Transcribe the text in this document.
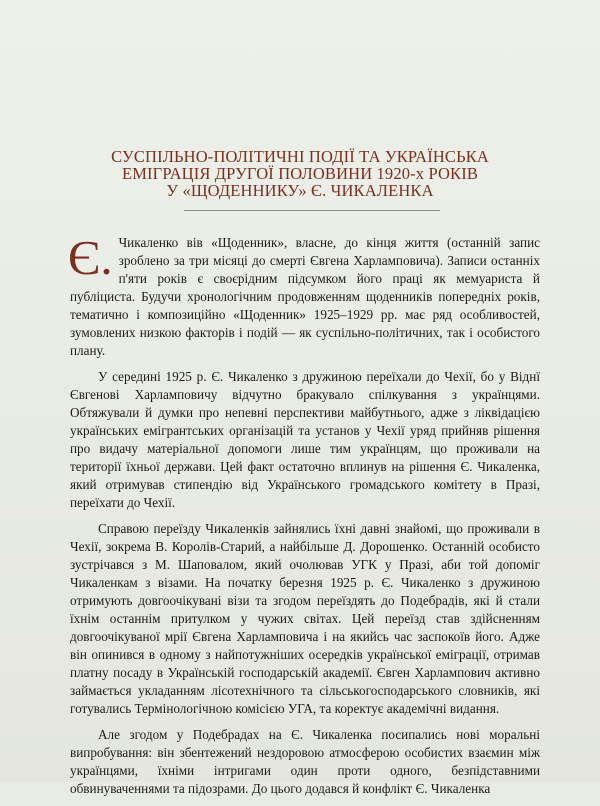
СУСПІЛЬНО-ПОЛІТИЧНІ ПОДІЇ ТА УКРАЇНСЬКА
ЕМІГРАЦІЯ ДРУГОЇ ПОЛОВИНИ 1920-х РОКІВ
У «ЩОДЕННИКУ» Є. ЧИКАЛЕНКА

Є. Чикаленко вів «Щоденник», власне, до кінця життя (останній запис зроблено за три місяці до смерті Євгена Харламповича). Записи останніх п'яти років є своєрідним підсумком його праці як мемуариста й публіциста. Будучи хронологічним продовженням щоденників попередніх років, тематично і композиційно «Щоденник» 1925–1929 рр. має ряд особливостей, зумовлених низкою факторів і подій — як суспільно-політичних, так і особистого плану.

У середині 1925 р. Є. Чикаленко з дружиною переїхали до Чехії, бо у Віднї Євгенові Харламповичу відчутно бракувало спілкування з українцями. Обтяжували й думки про непевні перспективи майбутнього, адже з ліквідацією українських емігрантських організацій та установ у Чехії уряд прийняв рішення про видачу матеріальної допомоги лише тим українцям, що проживали на території їхньої держави. Цей факт остаточно вплинув на рішення Є. Чикаленка, який отримував стипендію від Українського громадського комітету в Празі, переїхати до Чехії.

Справою переїзду Чикаленків зайнялись їхні давні знайомі, що проживали в Чехії, зокрема В. Королів-Старий, а найбільше Д. Дорошенко. Останній особисто зустрічався з М. Шаповалом, який очолював УГК у Празі, аби той допоміг Чикаленкам з візами. На початку березня 1925 р. Є. Чикаленко з дружиною отримують довгоочікувані візи та згодом переїздять до Подебрадів, які й стали їхнім останнім притулком у чужих світах. Цей переїзд став здійсненням довгоочікуваної мрії Євгена Харламповича і на якийсь час заспокоїв його. Адже він опинився в одному з найпотужніших осередків української еміграції, отримав платну посаду в Українській господарській академії. Євген Харлампович активно займається укладанням лісотехнічного та сільськогосподарського словників, які готувались Термінологічною комісією УГА, та коректує академічні видання.

Але згодом у Подебрадах на Є. Чикаленка посипались нові моральні випробування: він збентежений нездоровою атмосферою особистих взаємин між українцями, їхніми інтригами один проти одного, безпідставними обвинуваченнями та підозрами. До цього додався й конфлікт Є. Чикаленка
